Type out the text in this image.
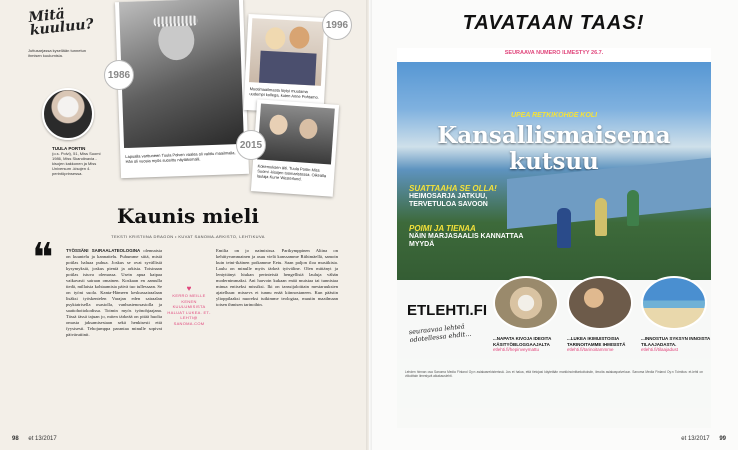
Mitä kuuluu?
Juttusarjassa kysellään tunnetun ihmisen kuulumisia.
TUULA PORTIN
(o.s. Polvi), 51, Miss Suomi 1986, Miss Skandinavia -kisojen kakkonen ja Miss Universum -kisojen 4. perintöprinsessa.
Lapualla varttuneen Tuula Polven vaalea oli valittu maailmalla. Hän oli vuosia myös suosittu näytöksmalli.
1986
Muotimaailmasta löytyi muutama uudempi kollega, kuten Anne Pohtamo.
1996
Kokemuksen äiti. Tuula Portin Miss Suomi -kisojen tuomaristossa. Oikealla laulaja Kurre Westerlund.
2015
Kaunis mieli
TEKSTI KRISTIINA DRAGON • KUVAT SANOMA-ARKISTO, LEHTIKUVA
❝	TYÖSSÄNI SAIRAALATEOLOGINA olennaista on kuuntelu ja kannattelu. Puhumme siitä, mistä potilas haluaa puhua. Joskus se ovat syvällisiä kysymyksiä, joskus pieniä ja arkisia. Toisinaan potilas istuva olemassa. Usein apua kaipaa vaikavasti sairaan omainen. Koskaan en aamulla tiedä, millaisia kohtaamisia päivä tuo tullessaan. Se on työni suola. Kanta-Hämeen keskussairaalaan lisäksi työskentelen Varajan eden sairaalan psykiatrisella osastolla, vanhustenosastolla ja saattohoitokodissa. Toimin myös työnohjaajana. Tässä iässä tajuan jo, miten tärkeää on pitää huolta omasta jaksamisestaan sekä henkisesti että fyysisesti. Tehojumppa parantaa minulle sopivat päivärutiinit.
♥
KERRO MEILLE KENEN KUULUMISISTA HALUAT LUKEA. ET-LEHTI@ SANOMA.COM
Emilia on jo naimisissa. Parikymppinen Aliina on kehittyvammainen ja asuu vielä kanssamme Riihimäellä, samoin kuin teini-ikäinen poikamme Eetu. Saan paljon iloa musiikista. Laulu on minulle myös tärkeä työväline. Olen mittänyt ja lentyttänyt hiukan perinteisiä hengellisiä lauluja vähän modernimmaksi. Ani harvoin kukaan enää muistaa tai tunnistaa minua entiseksi missiksi. Iki on tanssijaloittain mestaruuksien ajatelluun: missevs et tunnu enää kiinnostaneen. Kun päästin ylioppilaaksi nuoreksi tutkimme teologiaa, muutin maailmaan toisen ihmisen tarinoihin.
98 et 13/2017
TAVATAAN TAAS!
SEURAAVA NUMERO ILMESTYY 26.7.
UPEA RETKIKOHDE KOLI
Kansallismaisema
kutsuu
SUATTAAHA SE OLLA!
HEIMOSARJA JATKUU, TERVETULOA SAVOON
POIMI JA TIENAA
NÄIN MARJASAALIS KANNATTAA MYYDÄ
ETLEHTI.FI
seuraavaa lehteä odotellessa ehdit...	...NAPATA KIVOJA IDEOITA KÄSITYÖBLOGGAAJALTA
etlehti.fi/hepinveymattu
...LUKEA IKIMUISTOISIA TARINOITAMME IHMISISTÄ
etlehti.fi/tarinoitammme
...INNOSTUA SYKSYN INNOISTA TILAAJADASTA.
etlehti.fi/tilaajadust
Lehden hinnan osa Sanoma Media Finland Oy:n asiakasrekisterissä. Jos et halua, että tietojasi käytetään markkinointitarkoituksiin, ilmoita asiakaspalveluun. Sanoma Media Finland Oy:n Toimitus: et-lehti on viikoittain ilmestyvä aikakauslehti.
et 13/2017 99
